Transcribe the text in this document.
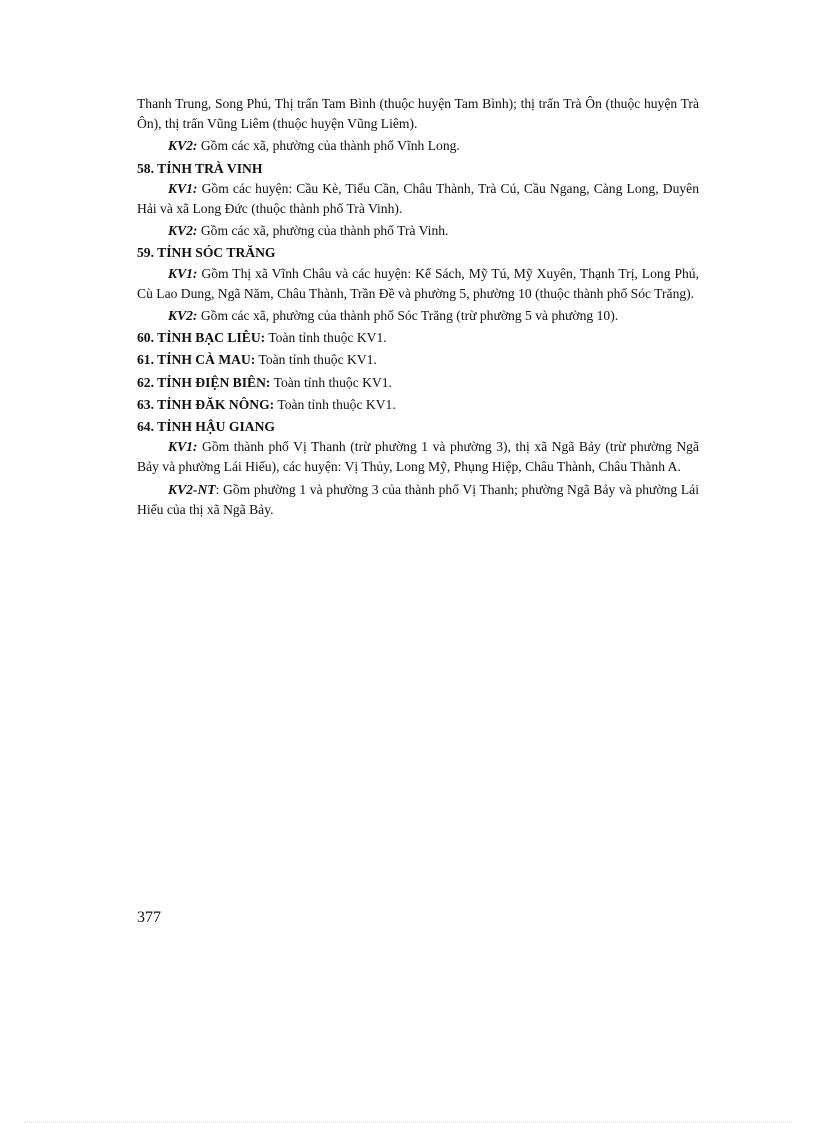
Thanh Trung, Song Phú, Thị trấn Tam Bình (thuộc huyện Tam Bình); thị trấn Trà Ôn (thuộc huyện Trà Ôn), thị trấn Vũng Liêm (thuộc huyện Vũng Liêm).

KV2: Gồm các xã, phường của thành phố Vĩnh Long.

58. TỈNH TRÀ VINH

KV1: Gồm các huyện: Cầu Kè, Tiểu Cần, Châu Thành, Trà Cú, Cầu Ngang, Càng Long, Duyên Hải và xã Long Đức (thuộc thành phố Trà Vinh).

KV2: Gồm các xã, phường của thành phố Trà Vinh.

59. TỈNH SÓC TRĂNG

KV1: Gồm Thị xã Vĩnh Châu và các huyện: Kế Sách, Mỹ Tú, Mỹ Xuyên, Thạnh Trị, Long Phú, Cù Lao Dung, Ngã Năm, Châu Thành, Trần Đề và phường 5, phường 10 (thuộc thành phố Sóc Trăng).

KV2: Gồm các xã, phường của thành phố Sóc Trăng (trừ phường 5 và phường 10).

60. TỈNH BẠC LIÊU: Toàn tỉnh thuộc KV1.

61. TỈNH CÀ MAU: Toàn tỉnh thuộc KV1.

62. TỈNH ĐIỆN BIÊN: Toàn tỉnh thuộc KV1.

63. TỈNH ĐĂK NÔNG: Toàn tỉnh thuộc KV1.

64. TỈNH HẬU GIANG

KV1: Gồm thành phố Vị Thanh (trừ phường 1 và phường 3), thị xã Ngã Bảy (trừ phường Ngã Bảy và phường Lái Hiếu), các huyện: Vị Thủy, Long Mỹ, Phụng Hiệp, Châu Thành, Châu Thành A.

KV2-NT: Gồm phường 1 và phường 3 của thành phố Vị Thanh; phường Ngã Bảy và phường Lái Hiếu của thị xã Ngã Bảy.

377
